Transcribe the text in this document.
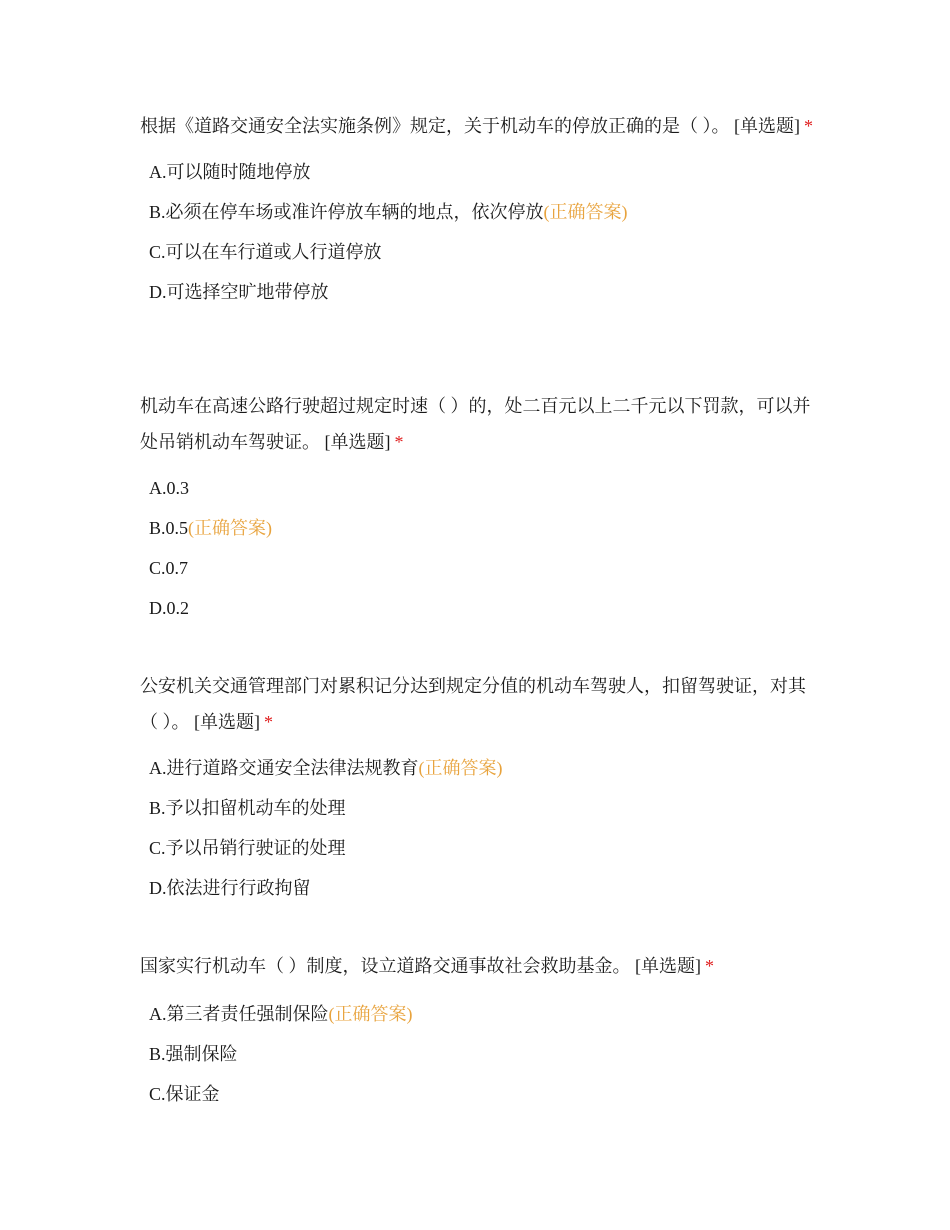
根据《道路交通安全法实施条例》规定，关于机动车的停放正确的是（ ）。 [单选题] *

A.可以随时随地停放
B.必须在停车场或准许停放车辆的地点，依次停放(正确答案)
C.可以在车行道或人行道停放
D.可选择空旷地带停放

机动车在高速公路行驶超过规定时速（ ）的，处二百元以上二千元以下罚款，可以并处吊销机动车驾驶证。 [单选题] *

A.0.3
B.0.5(正确答案)
C.0.7
D.0.2

公安机关交通管理部门对累积记分达到规定分值的机动车驾驶人，扣留驾驶证，对其（ ）。 [单选题] *

A.进行道路交通安全法律法规教育(正确答案)
B.予以扣留机动车的处理
C.予以吊销行驶证的处理
D.依法进行行政拘留

国家实行机动车（ ）制度，设立道路交通事故社会救助基金。 [单选题] *

A.第三者责任强制保险(正确答案)
B.强制保险
C.保证金
